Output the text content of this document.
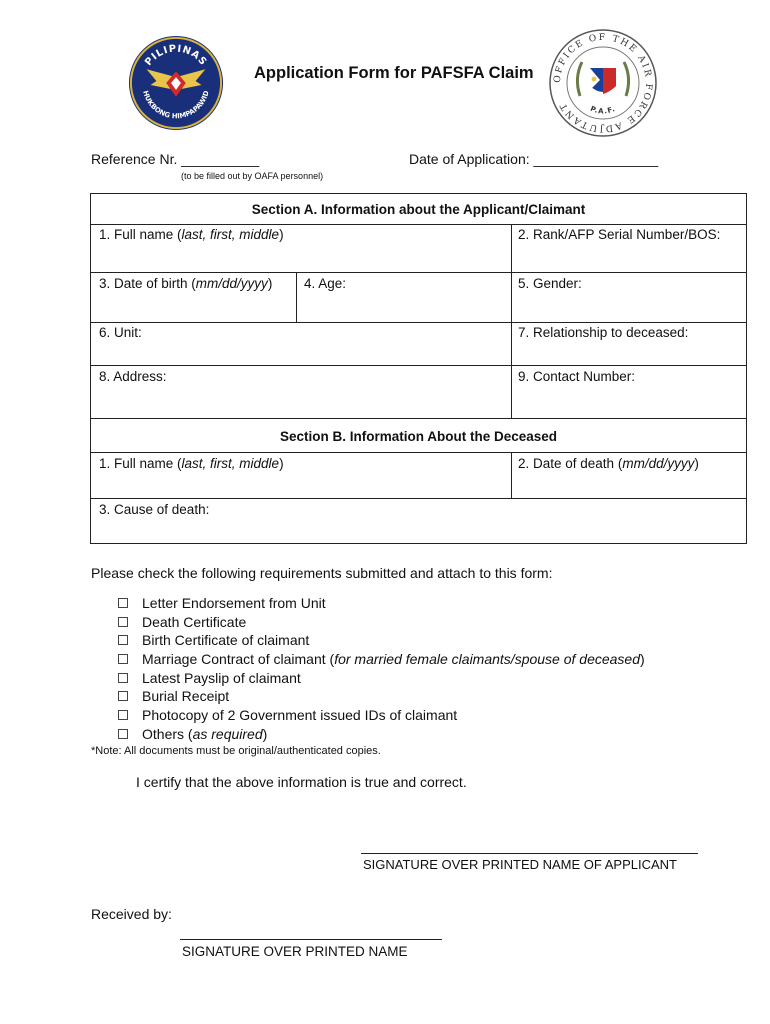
PILIPINAS
HUKBONG HIMPAPAWID
Application Form for PAFSFA Claim	OFFICE OF THE AIR FORCE ADJUTANT	P.A.F.
Reference Nr. __________
(to be filled out by OAFA personnel)
Date of Application: ________________
Section A. Information about the Applicant/Claimant
1. Full name (last, first, middle)	2. Rank/AFP Serial Number/BOS:
3. Date of birth (mm/dd/yyyy) 4. Age:	5. Gender:
6. Unit:	7. Relationship to deceased:
8. Address:	9. Contact Number:
Section B. Information About the Deceased
1. Full name (last, first, middle)	2. Date of death (mm/dd/yyyy)
3. Cause of death:
Please check the following requirements submitted and attach to this form:
Letter Endorsement from Unit
Death Certificate
Birth Certificate of claimant
Marriage Contract of claimant (for married female claimants/spouse of deceased)
Latest Payslip of claimant
Burial Receipt
Photocopy of 2 Government issued IDs of claimant
Others (as required)
*Note: All documents must be original/authenticated copies.
I certify that the above information is true and correct.
SIGNATURE OVER PRINTED NAME OF APPLICANT
Received by:
SIGNATURE OVER PRINTED NAME
